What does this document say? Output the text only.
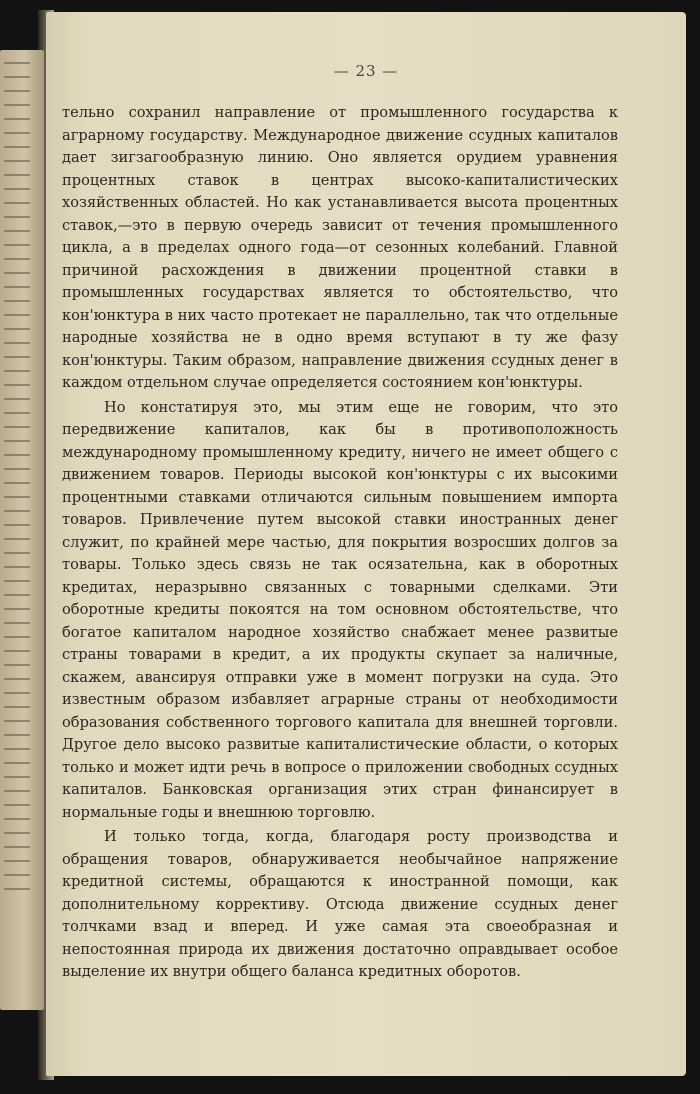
— 23 —

тельно сохранил направление от промышленного государства к аграрному государству. Международное движение ссудных капиталов дает зигзагообразную линию. Оно является орудием уравнения процентных ставок в центрах высоко-капиталистических хозяйственных областей. Но как устанавливается высота процентных ставок,—это в первую очередь зависит от течения промышленного цикла, а в пределах одного года—от сезонных колебаний. Главной причиной расхождения в движении процентной ставки в промышленных государствах является то обстоятельство, что кон'юнктура в них часто протекает не параллельно, так что отдельные народные хозяйства не в одно время вступают в ту же фазу кон'юнктуры. Таким образом, направление движения ссудных денег в каждом отдельном случае определяется состоянием кон'юнктуры.

Но констатируя это, мы этим еще не говорим, что это передвижение капиталов, как бы в противоположность международному промышленному кредиту, ничего не имеет общего с движением товаров. Периоды высокой кон'юнктуры с их высокими процентными ставками отличаются сильным повышением импорта товаров. Привлечение путем высокой ставки иностранных денег служит, по крайней мере частью, для покрытия возросших долгов за товары. Только здесь связь не так осязательна, как в оборотных кредитах, неразрывно связанных с товарными сделками. Эти оборотные кредиты покоятся на том основном обстоятельстве, что богатое капиталом народное хозяйство снабжает менее развитые страны товарами в кредит, а их продукты скупает за наличные, скажем, авансируя отправки уже в момент погрузки на суда. Это известным образом избавляет аграрные страны от необходимости образования собственного торгового капитала для внешней торговли. Другое дело высоко развитые капиталистические области, о которых только и может идти речь в вопросе о приложении свободных ссудных капиталов. Банковская организация этих стран финансирует в нормальные годы и внешнюю торговлю.

И только тогда, когда, благодаря росту производства и обращения товаров, обнаруживается необычайное напряжение кредитной системы, обращаются к иностранной помощи, как дополнительному коррективу. Отсюда движение ссудных денег толчками взад и вперед. И уже самая эта своеобразная и непостоянная природа их движения достаточно оправдывает особое выделение их внутри общего баланса кредитных оборотов.
